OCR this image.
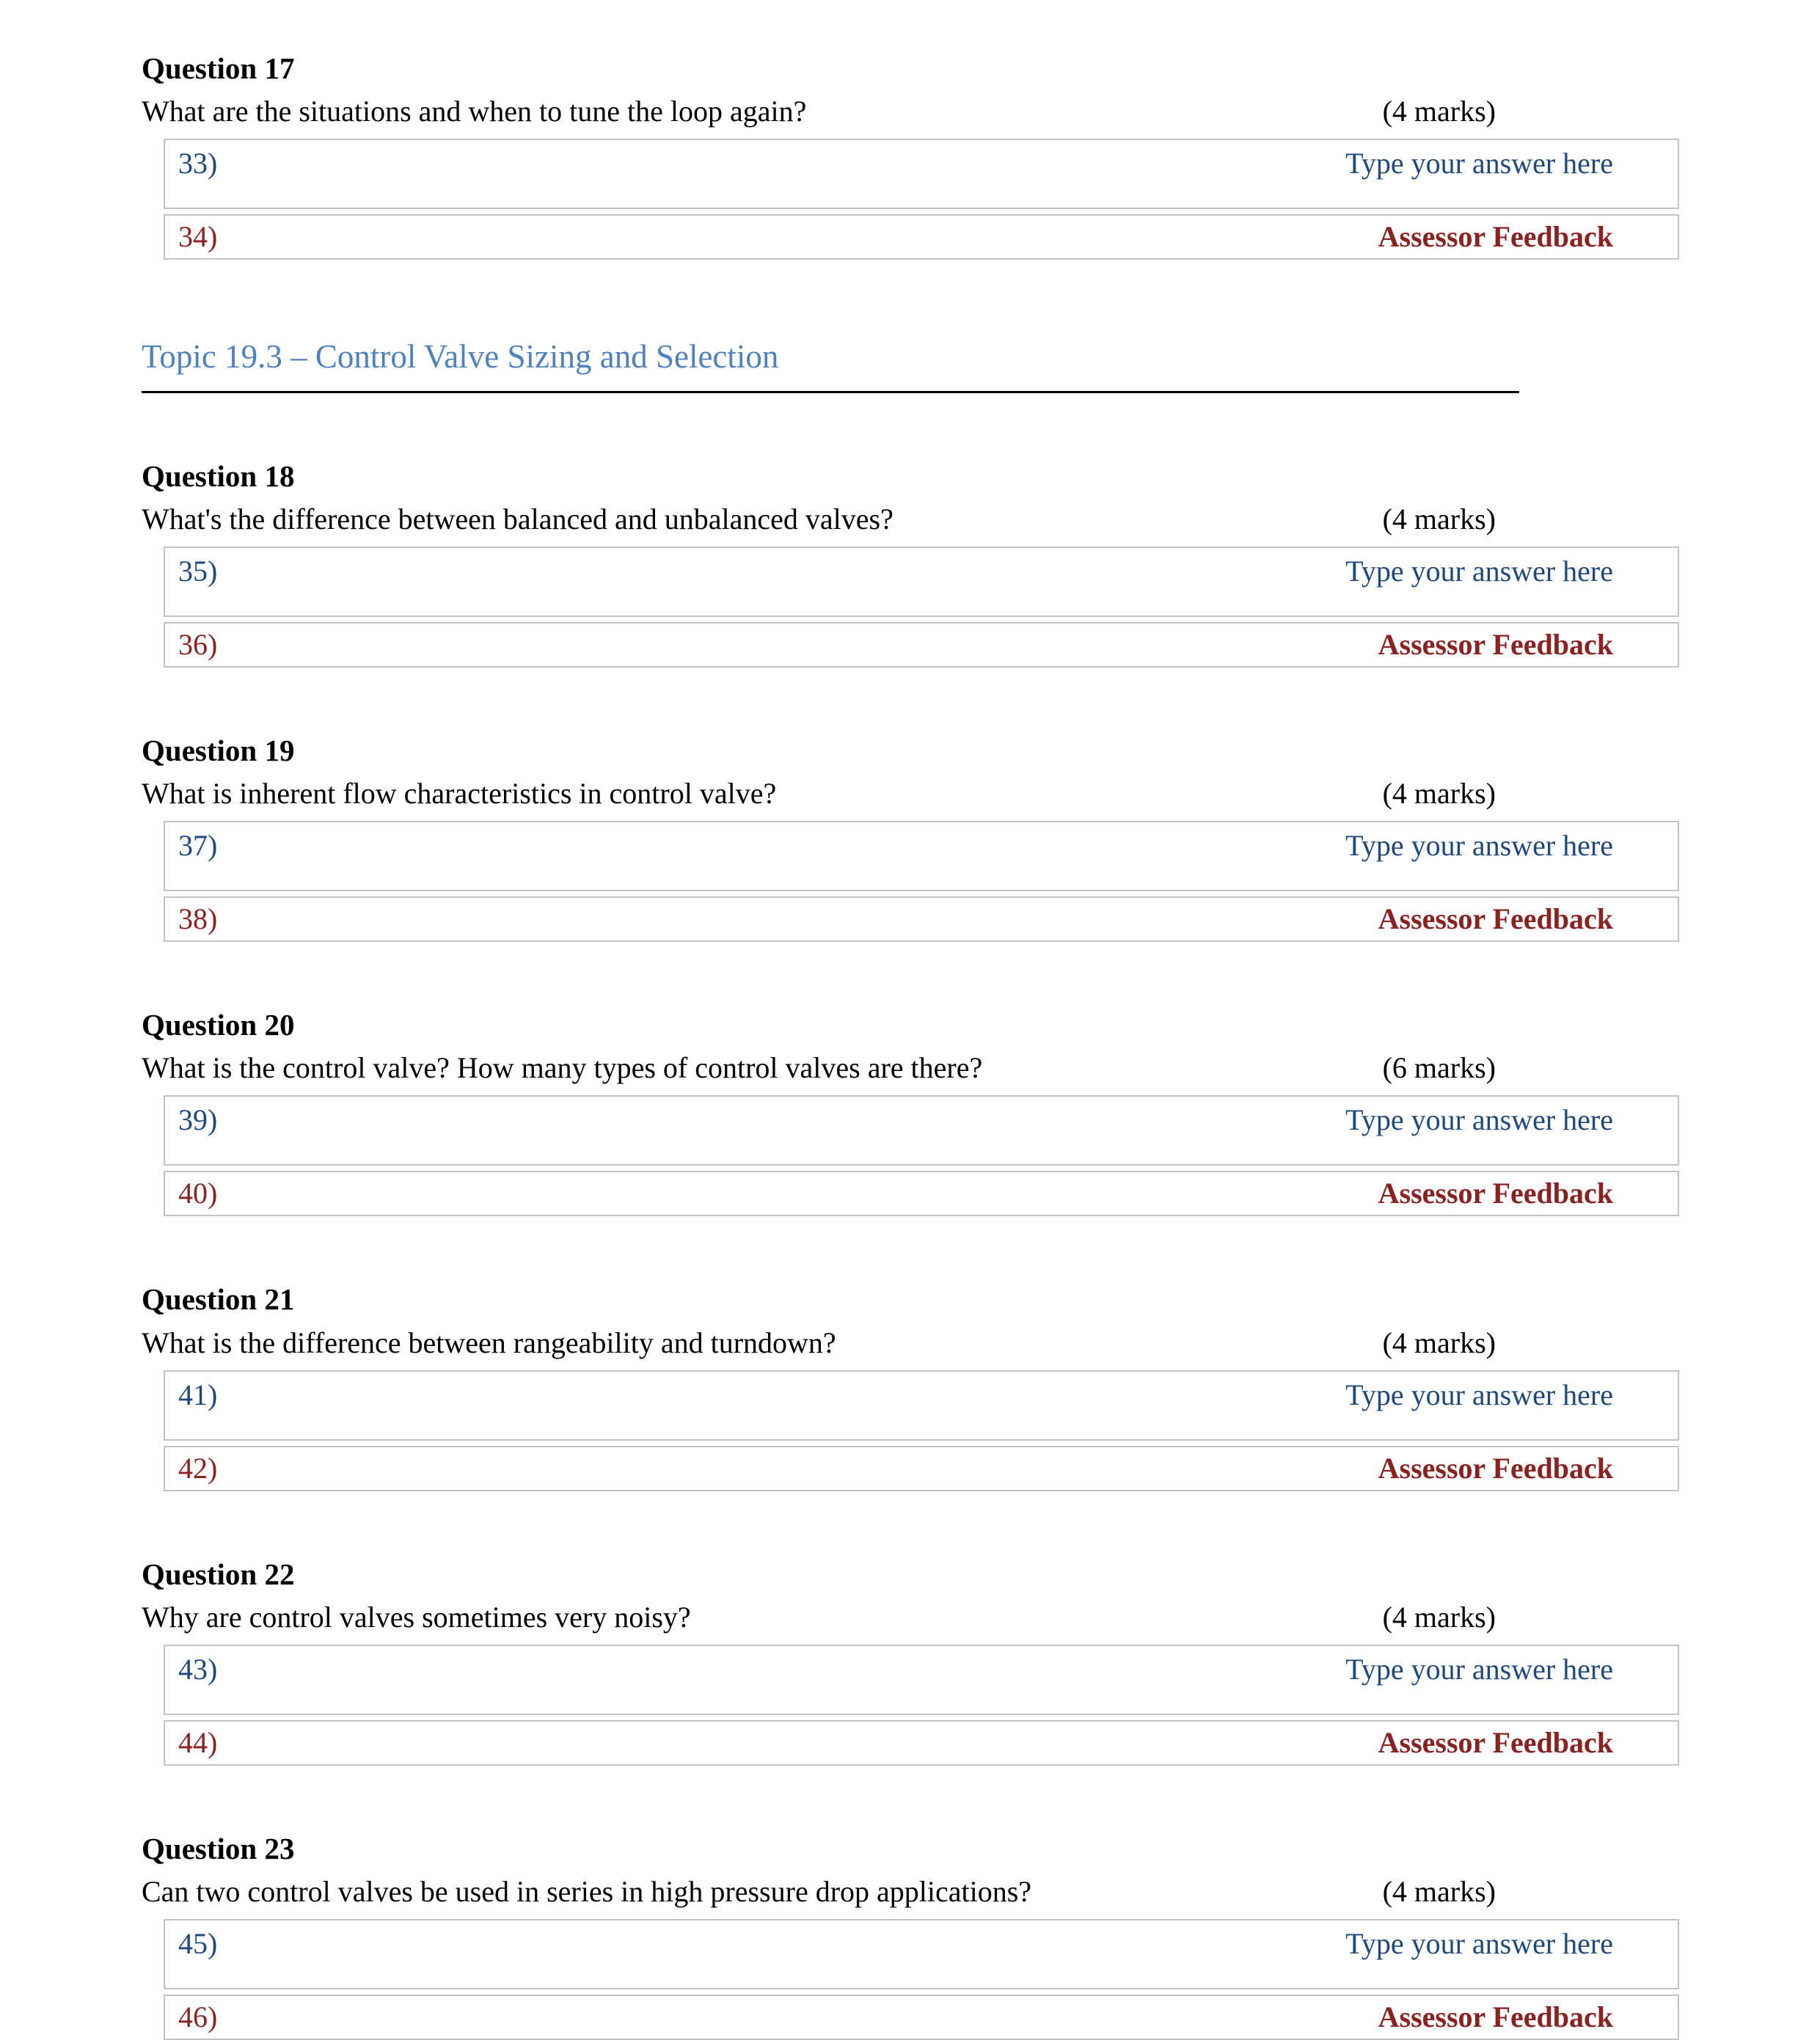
Question 17
What are the situations and when to tune the loop again?	(4 marks)
33)	Type your answer here
34)	Assessor Feedback
Topic 19.3 – Control Valve Sizing and Selection
Question 18
What's the difference between balanced and unbalanced valves?	(4 marks)
35)	Type your answer here
36)	Assessor Feedback
Question 19
What is inherent flow characteristics in control valve?	(4 marks)
37)	Type your answer here
38)	Assessor Feedback
Question 20
What is the control valve? How many types of control valves are there?	(6 marks)
39)	Type your answer here
40)	Assessor Feedback
Question 21
What is the difference between rangeability and turndown?	(4 marks)
41)	Type your answer here
42)	Assessor Feedback
Question 22
Why are control valves sometimes very noisy?	(4 marks)
43)	Type your answer here
44)	Assessor Feedback
Question 23
Can two control valves be used in series in high pressure drop applications?	(4 marks)
45)	Type your answer here
46)	Assessor Feedback
